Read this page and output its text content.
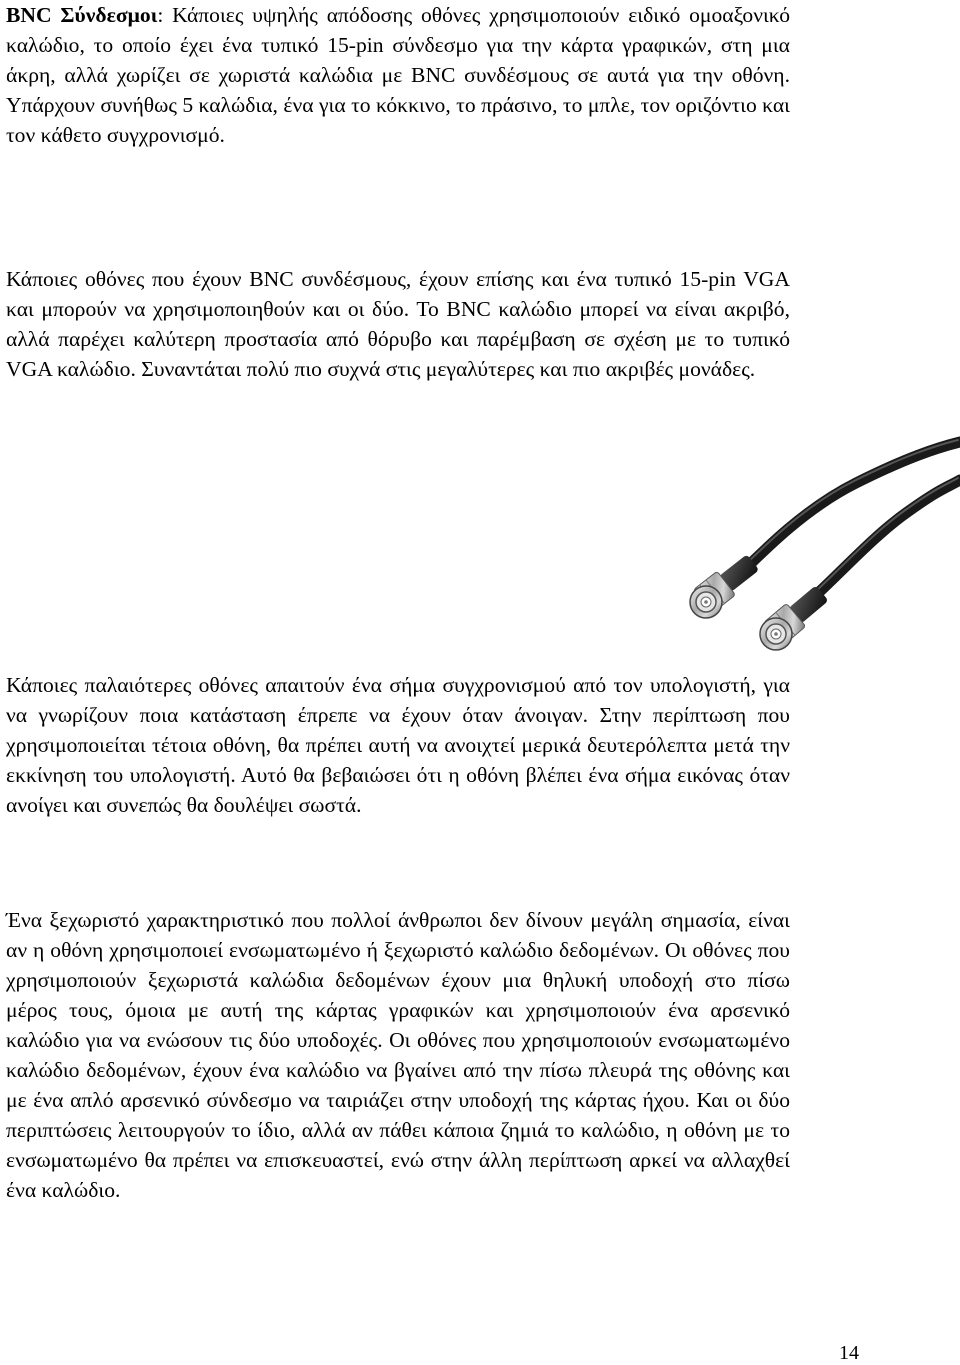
BNC Σύνδεσμοι: Κάποιες υψηλής απόδοσης οθόνες χρησιμοποιούν ειδικό ομοαξονικό καλώδιο, το οποίο έχει ένα τυπικό 15-pin σύνδεσμο για την κάρτα γραφικών, στη μια άκρη, αλλά χωρίζει σε χωριστά καλώδια με BNC συνδέσμους σε αυτά για την οθόνη. Υπάρχουν συνήθως 5 καλώδια, ένα για το κόκκινο, το πράσινο, το μπλε, τον οριζόντιο και τον κάθετο συγχρονισμό.

Κάποιες οθόνες που έχουν BNC συνδέσμους, έχουν επίσης και ένα τυπικό 15-pin VGA και μπορούν να χρησιμοποιηθούν και οι δύο. Το BNC καλώδιο μπορεί να είναι ακριβό, αλλά παρέχει καλύτερη προστασία από θόρυβο και παρέμβαση σε σχέση με το τυπικό VGA καλώδιο. Συναντάται πολύ πιο συχνά στις μεγαλύτερες και πιο ακριβές μονάδες.

Κάποιες παλαιότερες οθόνες απαιτούν ένα σήμα συγχρονισμού από τον υπολογιστή, για να γνωρίζουν ποια κατάσταση έπρεπε να έχουν όταν άνοιγαν. Στην περίπτωση που χρησιμοποιείται τέτοια οθόνη, θα πρέπει αυτή να ανοιχτεί μερικά δευτερόλεπτα μετά την εκκίνηση του υπολογιστή. Αυτό θα βεβαιώσει ότι η οθόνη βλέπει ένα σήμα εικόνας όταν ανοίγει και συνεπώς θα δουλέψει σωστά.

Ένα ξεχωριστό χαρακτηριστικό που πολλοί άνθρωποι δεν δίνουν μεγάλη σημασία, είναι αν η οθόνη χρησιμοποιεί ενσωματωμένο ή ξεχωριστό καλώδιο δεδομένων. Οι οθόνες που χρησιμοποιούν ξεχωριστά καλώδια δεδομένων έχουν μια θηλυκή υποδοχή στο πίσω μέρος τους, όμοια με αυτή της κάρτας γραφικών και χρησιμοποιούν ένα αρσενικό καλώδιο για να ενώσουν τις δύο υποδοχές. Οι οθόνες που χρησιμοποιούν ενσωματωμένο καλώδιο δεδομένων, έχουν ένα καλώδιο να βγαίνει από την πίσω πλευρά της οθόνης και με ένα απλό αρσενικό σύνδεσμο να ταιριάζει στην υποδοχή της κάρτας ήχου. Και οι δύο περιπτώσεις λειτουργούν το ίδιο, αλλά αν πάθει κάποια ζημιά το καλώδιο, η οθόνη με το ενσωματωμένο θα πρέπει να επισκευαστεί, ενώ στην άλλη περίπτωση αρκεί να αλλαχθεί ένα καλώδιο.

14
